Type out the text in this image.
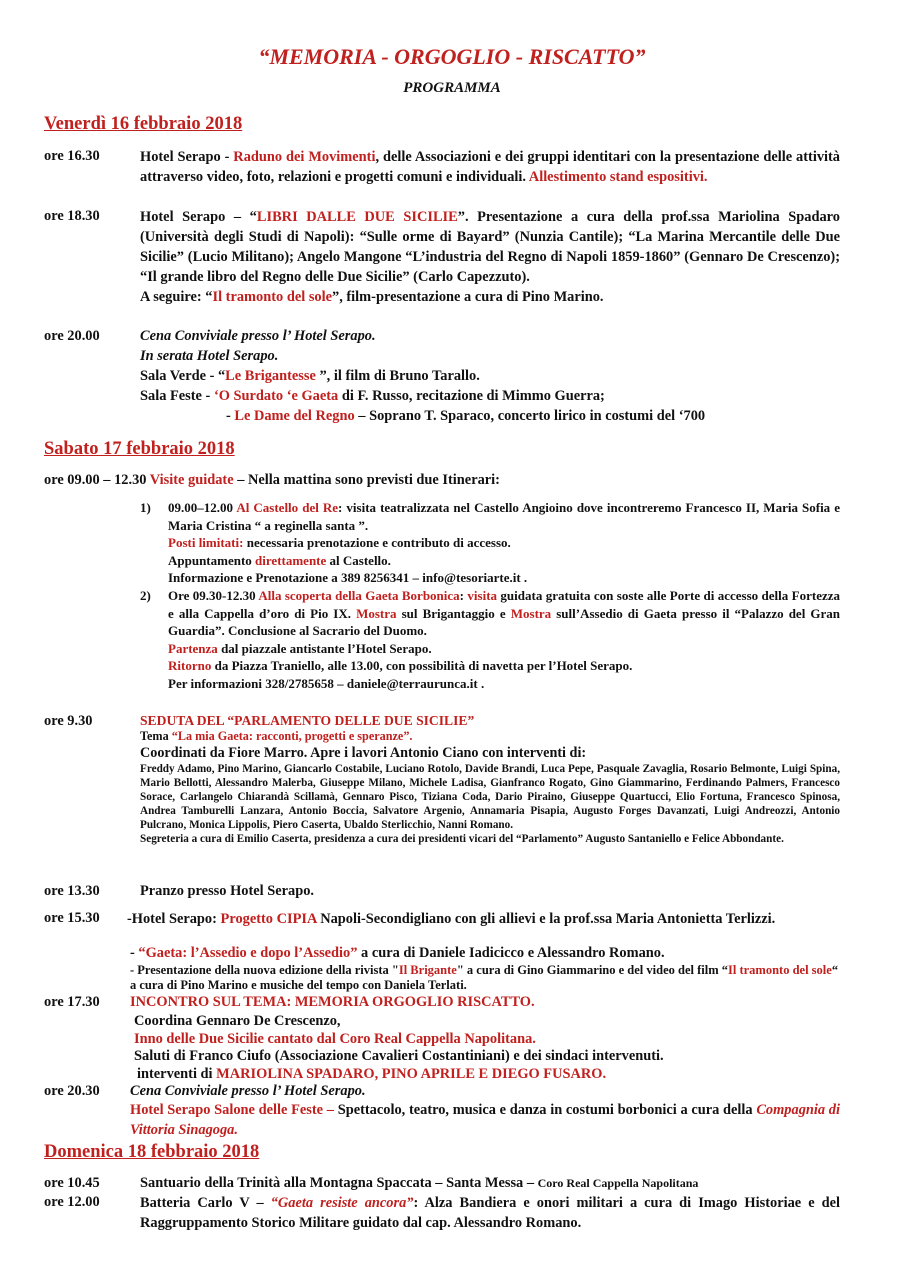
“MEMORIA - ORGOGLIO - RISCATTO”
PROGRAMMA
Venerdì 16 febbraio 2018
ore 16.30	Hotel Serapo - Raduno dei Movimenti, delle Associazioni e dei gruppi identitari con la presentazione delle attività attraverso video, foto, relazioni e progetti comuni e individuali. Allestimento stand espositivi.
ore 18.30	Hotel Serapo – “LIBRI DALLE DUE SICILIE”. Presentazione a cura della prof.ssa Mariolina Spadaro (Università degli Studi di Napoli): “Sulle orme di Bayard” (Nunzia Cantile); “La Marina Mercantile delle Due Sicilie” (Lucio Militano); Angelo Mangone “L’industria del Regno di Napoli 1859-1860” (Gennaro De Crescenzo); “Il grande libro del Regno delle Due Sicilie” (Carlo Capezzuto).

A seguire: “Il tramonto del sole”, film-presentazione a cura di Pino Marino.

ore 20.00	Cena Conviviale presso l’ Hotel Serapo.
In serata Hotel Serapo.
Sala Verde - “Le Brigantesse ”, il film di Bruno Tarallo.
Sala Feste - ‘O Surdato ‘e Gaeta di F. Russo, recitazione di Mimmo Guerra;
- Le Dame del Regno – Soprano T. Sparaco, concerto lirico in costumi del ‘700
Sabato 17 febbraio 2018
ore 09.00 – 12.30 Visite guidate – Nella mattina sono previsti due Itinerari:
1) 09.00–12.00 Al Castello del Re: visita teatralizzata nel Castello Angioino dove incontreremo Francesco II, Maria Sofia e Maria Cristina “ a reginella santa ”.

Posti limitati: necessaria prenotazione e contributo di accesso.

Appuntamento direttamente al Castello.

Informazione e Prenotazione a 389 8256341 – info@tesoriarte.it .

2) Ore 09.30-12.30 Alla scoperta della Gaeta Borbonica: visita guidata gratuita con soste alle Porte di accesso della Fortezza e alla Cappella d’oro di Pio IX. Mostra sul Brigantaggio e Mostra sull’Assedio di Gaeta presso il “Palazzo del Gran Guardia”. Conclusione al Sacrario del Duomo.

Partenza dal piazzale antistante l’Hotel Serapo.

Ritorno da Piazza Traniello, alle 13.00, con possibilità di navetta per l’Hotel Serapo.

Per informazioni 328/2785658 – daniele@terraurunca.it .

ore 9.30	SEDUTA DEL “PARLAMENTO DELLE DUE SICILIE”
Tema “La mia Gaeta: racconti, progetti e speranze”.
Coordinati da Fiore Marro. Apre i lavori Antonio Ciano con interventi di:
Freddy Adamo, Pino Marino, Giancarlo Costabile, Luciano Rotolo, Davide Brandi, Luca Pepe, Pasquale Zavaglia, Rosario Belmonte, Luigi Spina, Mario Bellotti, Alessandro Malerba, Giuseppe Milano, Michele Ladisa, Gianfranco Rogato, Gino Giammarino, Ferdinando Palmers, Francesco Sorace, Carlangelo Chiarandà Scillamà, Gennaro Pisco, Tiziana Coda, Dario Piraino, Giuseppe Quartucci, Elio Fortuna, Francesco Spinosa, Andrea Tamburelli Lanzara, Antonio Boccia, Salvatore Argenio, Annamaria Pisapia, Augusto Forges Davanzati, Luigi Andreozzi, Antonio Pulcrano, Monica Lippolis, Piero Caserta, Ubaldo Sterlicchio, Nanni Romano.
Segreteria a cura di Emilio Caserta, presidenza a cura dei presidenti vicari del “Parlamento” Augusto Santaniello e Felice Abbondante.
ore 13.30	Pranzo presso Hotel Serapo.
ore 15.30 -Hotel Serapo: Progetto CIPIA Napoli-Secondigliano con gli allievi e la prof.ssa Maria Antonietta Terlizzi.
- “Gaeta: l’Assedio e dopo l’Assedio” a cura di Daniele Iadicicco e Alessandro Romano.
- Presentazione della nuova edizione della rivista "Il Brigante" a cura di Gino Giammarino e del video del film “Il tramonto del sole“ a cura di Pino Marino e musiche del tempo con Daniela Terlati.
ore 17.30 INCONTRO SUL TEMA: MEMORIA ORGOGLIO RISCATTO.
Coordina Gennaro De Crescenzo,
Inno delle Due Sicilie cantato dal Coro Real Cappella Napolitana.
Saluti di Franco Ciufo (Associazione Cavalieri Costantiniani) e dei sindaci intervenuti.
interventi di MARIOLINA SPADARO, PINO APRILE E DIEGO FUSARO.
ore 20.30 Cena Conviviale presso l’ Hotel Serapo.
Hotel Serapo Salone delle Feste – Spettacolo, teatro, musica e danza in costumi borbonici a cura della Compagnia di Vittoria Sinagoga.
Domenica 18 febbraio 2018
ore 10.45	Santuario della Trinità alla Montagna Spaccata – Santa Messa – Coro Real Cappella Napolitana
ore 12.00	Batteria Carlo V – “Gaeta resiste ancora”: Alza Bandiera e onori militari a cura di Imago Historiae e del Raggruppamento Storico Militare guidato dal cap. Alessandro Romano.
